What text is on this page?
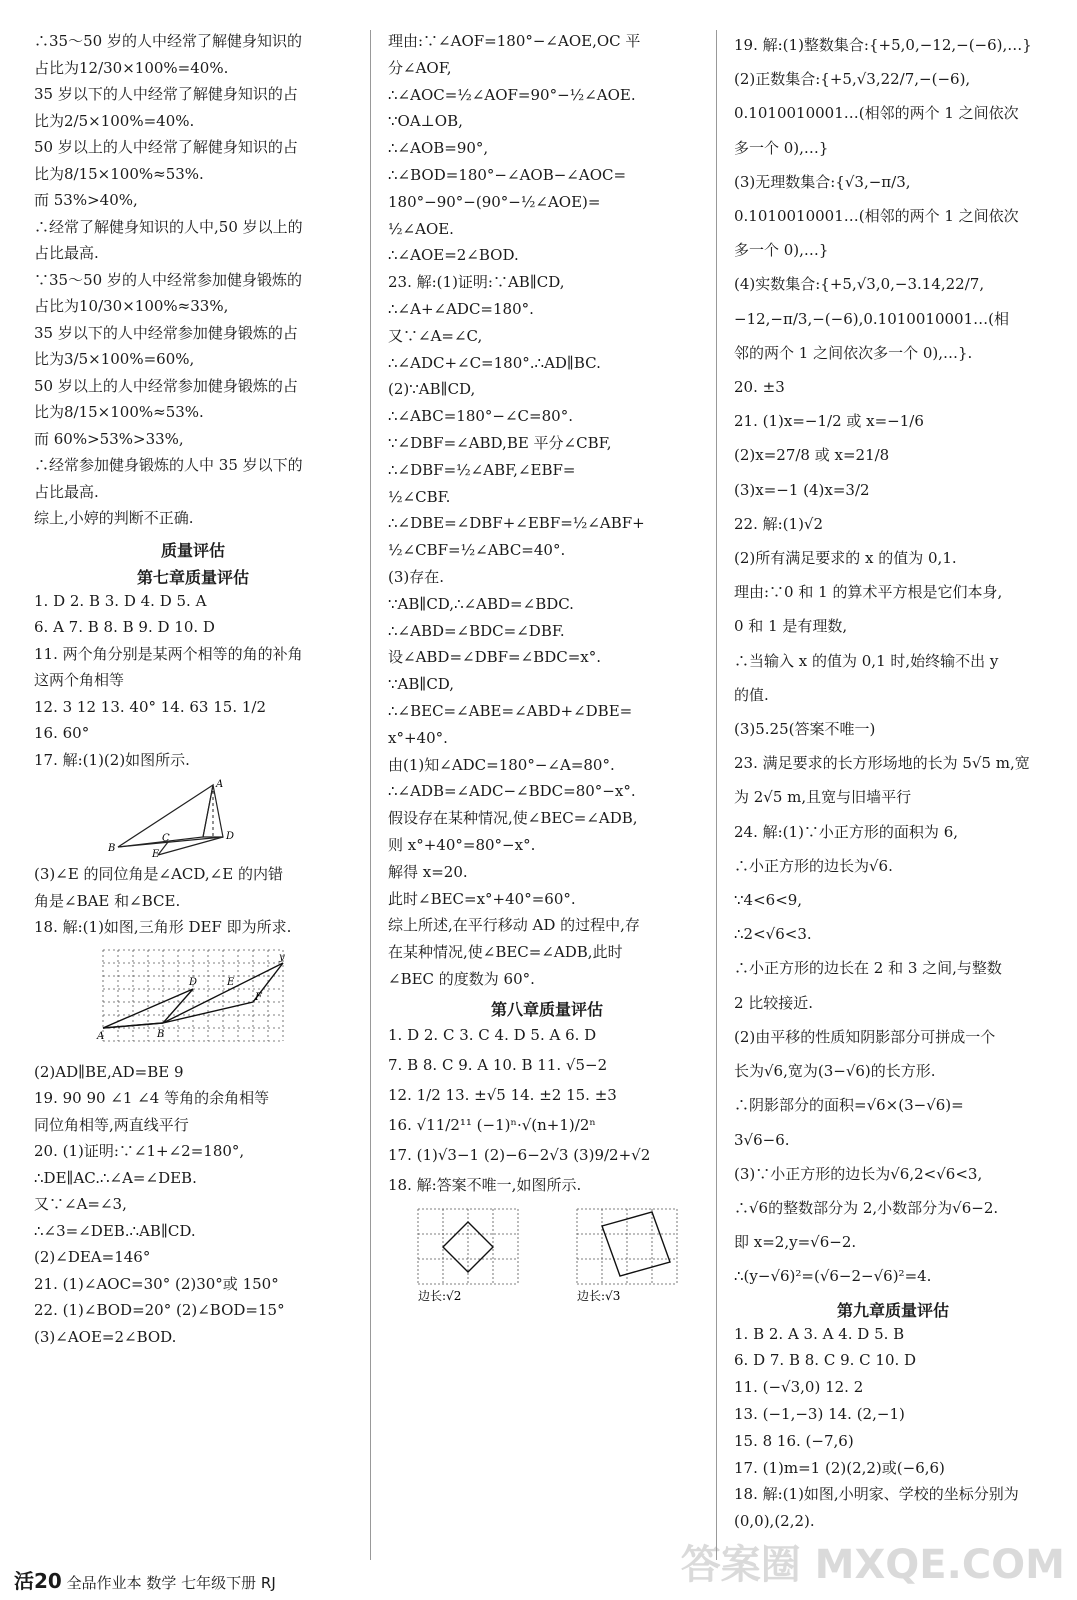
∴35～50 岁的人中经常了解健身知识的
占比为12/30×100%=40%.
35 岁以下的人中经常了解健身知识的占
比为2/5×100%=40%.
50 岁以上的人中经常了解健身知识的占
比为8/15×100%≈53%.
而 53%>40%,
∴经常了解健身知识的人中,50 岁以上的
占比最高.
∵35～50 岁的人中经常参加健身锻炼的
占比为10/30×100%≈33%,
35 岁以下的人中经常参加健身锻炼的占
比为3/5×100%=60%,
50 岁以上的人中经常参加健身锻炼的占
比为8/15×100%≈53%.
而 60%>53%>33%,
∴经常参加健身锻炼的人中 35 岁以下的
占比最高.
综上,小婷的判断不正确.
质量评估
第七章质量评估
1. D 2. B 3. D 4. D 5. A
6. A 7. B 8. B 9. D 10. D
11. 两个角分别是某两个相等的角的补角
这两个角相等
12. 3 12 13. 40° 14. 63 15. 1/2
16. 60°
17. 解:(1)(2)如图所示.
A
B
C	D
E
(3)∠E 的同位角是∠ACD,∠E 的内错
角是∠BAE 和∠BCE.
18. 解:(1)如图,三角形 DEF 即为所求.
A	B
D	E
F
y
(2)AD∥BE,AD=BE 9
19. 90 90 ∠1 ∠4 等角的余角相等
同位角相等,两直线平行
20. (1)证明:∵∠1+∠2=180°,
∴DE∥AC.∴∠A=∠DEB.
又∵∠A=∠3,
∴∠3=∠DEB.∴AB∥CD.
(2)∠DEA=146°
21. (1)∠AOC=30° (2)30°或 150°
22. (1)∠BOD=20° (2)∠BOD=15°
(3)∠AOE=2∠BOD.
理由:∵∠AOF=180°−∠AOE,OC 平
分∠AOF,
∴∠AOC=½∠AOF=90°−½∠AOE.
∵OA⊥OB,
∴∠AOB=90°,
∴∠BOD=180°−∠AOB−∠AOC=
180°−90°−(90°−½∠AOE)=
½∠AOE.
∴∠AOE=2∠BOD.
23. 解:(1)证明:∵AB∥CD,
∴∠A+∠ADC=180°.
又∵∠A=∠C,
∴∠ADC+∠C=180°.∴AD∥BC.
(2)∵AB∥CD,
∴∠ABC=180°−∠C=80°.
∵∠DBF=∠ABD,BE 平分∠CBF,
∴∠DBF=½∠ABF,∠EBF=
½∠CBF.
∴∠DBE=∠DBF+∠EBF=½∠ABF+
½∠CBF=½∠ABC=40°.
(3)存在.
∵AB∥CD,∴∠ABD=∠BDC.
∴∠ABD=∠BDC=∠DBF.
设∠ABD=∠DBF=∠BDC=x°.
∵AB∥CD,
∴∠BEC=∠ABE=∠ABD+∠DBE=
x°+40°.
由(1)知∠ADC=180°−∠A=80°.
∴∠ADB=∠ADC−∠BDC=80°−x°.
假设存在某种情况,使∠BEC=∠ADB,
则 x°+40°=80°−x°.
解得 x=20.
此时∠BEC=x°+40°=60°.
综上所述,在平行移动 AD 的过程中,存
在某种情况,使∠BEC=∠ADB,此时
∠BEC 的度数为 60°.
第八章质量评估
1. D 2. C 3. C 4. D 5. A 6. D
7. B 8. C 9. A 10. B 11. √5−2
12. 1/2 13. ±√5 14. ±2 15. ±3
16. √11/2¹¹ (−1)ⁿ·√(n+1)/2ⁿ
17. (1)√3−1 (2)−6−2√3 (3)9/2+√2
18. 解:答案不唯一,如图所示.
边长:√2	边长:√3
19. 解:(1)整数集合:{+5,0,−12,−(−6),…}
(2)正数集合:{+5,√3,22/7,−(−6),
0.1010010001…(相邻的两个 1 之间依次
多一个 0),…}
(3)无理数集合:{√3,−π/3,
0.1010010001…(相邻的两个 1 之间依次
多一个 0),…}
(4)实数集合:{+5,√3,0,−3.14,22/7,
−12,−π/3,−(−6),0.1010010001…(相
邻的两个 1 之间依次多一个 0),…}.
20. ±3
21. (1)x=−1/2 或 x=−1/6
(2)x=27/8 或 x=21/8
(3)x=−1 (4)x=3/2
22. 解:(1)√2
(2)所有满足要求的 x 的值为 0,1.
理由:∵0 和 1 的算术平方根是它们本身,
0 和 1 是有理数,
∴当输入 x 的值为 0,1 时,始终输不出 y
的值.
(3)5.25(答案不唯一)
23. 满足要求的长方形场地的长为 5√5 m,宽
为 2√5 m,且宽与旧墙平行
24. 解:(1)∵小正方形的面积为 6,
∴小正方形的边长为√6.
∵4<6<9,
∴2<√6<3.
∴小正方形的边长在 2 和 3 之间,与整数
2 比较接近.
(2)由平移的性质知阴影部分可拼成一个
长为√6,宽为(3−√6)的长方形.
∴阴影部分的面积=√6×(3−√6)=
3√6−6.
(3)∵小正方形的边长为√6,2<√6<3,
∴√6的整数部分为 2,小数部分为√6−2.
即 x=2,y=√6−2.
∴(y−√6)²=(√6−2−√6)²=4.
第九章质量评估
1. B 2. A 3. A 4. D 5. B
6. D 7. B 8. C 9. C 10. D
11. (−√3,0) 12. 2
13. (−1,−3) 14. (2,−1)
15. 8 16. (−7,6)
17. (1)m=1 (2)(2,2)或(−6,6)
18. 解:(1)如图,小明家、学校的坐标分别为
(0,0),(2,2).
活20 全品作业本 数学 七年级下册 RJ	答案圈 MXQE.COM
